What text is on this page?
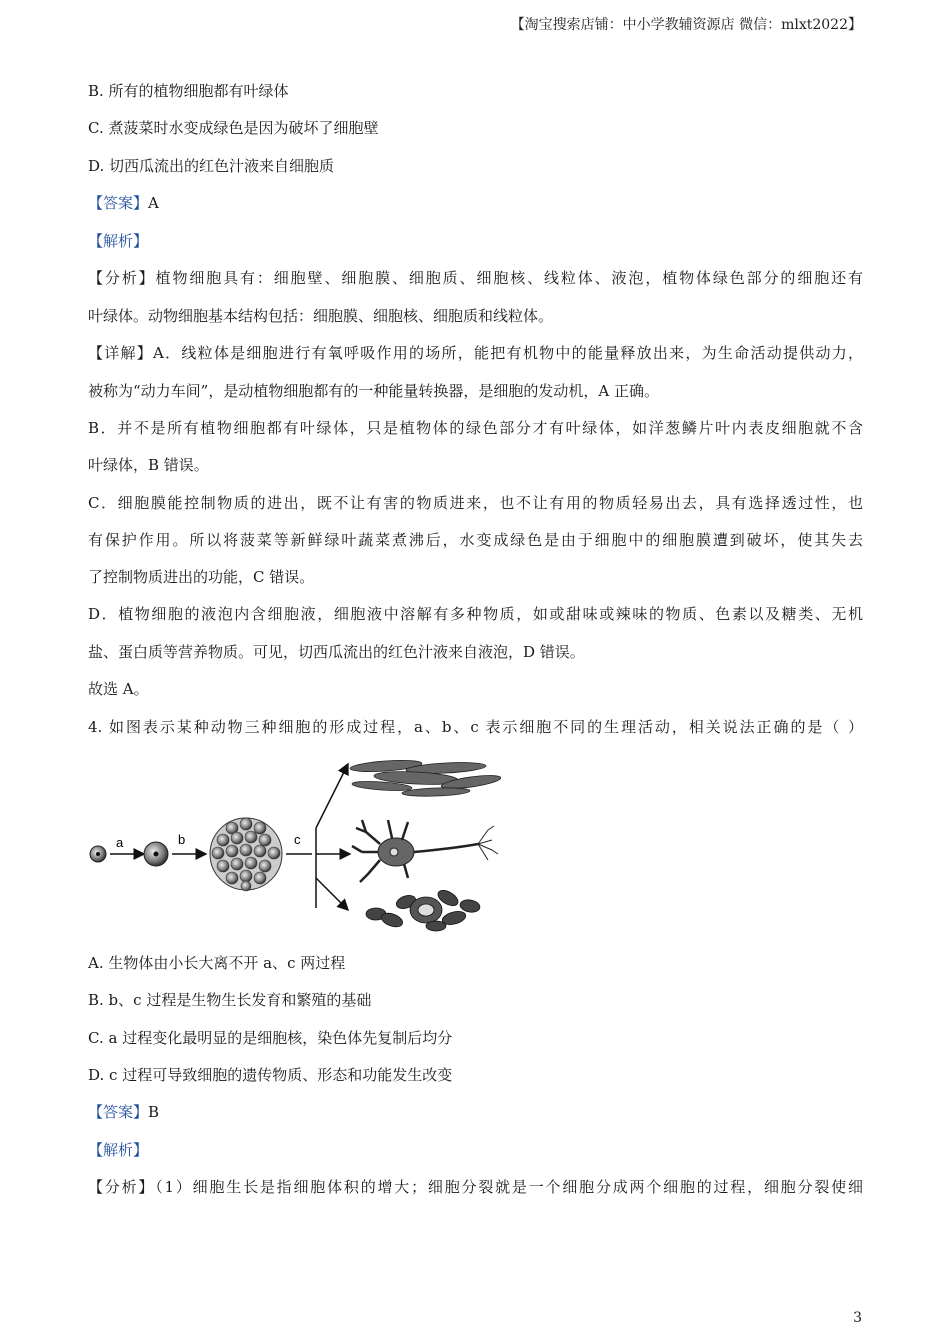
【淘宝搜索店铺：中小学教辅资源店 微信：mlxt2022】
B. 所有的植物细胞都有叶绿体
C. 煮菠菜时水变成绿色是因为破坏了细胞壁
D. 切西瓜流出的红色汁液来自细胞质
【答案】A
【解析】
【分析】植物细胞具有：细胞壁、细胞膜、细胞质、细胞核、线粒体、液泡，植物体绿色部分的细胞还有
叶绿体。动物细胞基本结构包括：细胞膜、细胞核、细胞质和线粒体。
【详解】A．线粒体是细胞进行有氧呼吸作用的场所，能把有机物中的能量释放出来，为生命活动提供动力，
被称为“动力车间”，是动植物细胞都有的一种能量转换器，是细胞的发动机，A 正确。
B．并不是所有植物细胞都有叶绿体，只是植物体的绿色部分才有叶绿体，如洋葱鳞片叶内表皮细胞就不含
叶绿体，B 错误。
C．细胞膜能控制物质的进出，既不让有害的物质进来，也不让有用的物质轻易出去，具有选择透过性，也
有保护作用。所以将菠菜等新鲜绿叶蔬菜煮沸后，水变成绿色是由于细胞中的细胞膜遭到破坏，使其失去
了控制物质进出的功能，C 错误。
D．植物细胞的液泡内含细胞液，细胞液中溶解有多种物质，如或甜味或辣味的物质、色素以及糖类、无机
盐、蛋白质等营养物质。可见，切西瓜流出的红色汁液来自液泡，D 错误。
故选 A。
4. 如图表示某种动物三种细胞的形成过程，a、b、c 表示细胞不同的生理活动，相关说法正确的是（ ）
a	b	c
A. 生物体由小长大离不开 a、c 两过程
B. b、c 过程是生物生长发育和繁殖的基础
C. a 过程变化最明显的是细胞核，染色体先复制后均分
D. c 过程可导致细胞的遗传物质、形态和功能发生改变
【答案】B
【解析】
【分析】（1）细胞生长是指细胞体积的增大；细胞分裂就是一个细胞分成两个细胞的过程，细胞分裂使细
3
